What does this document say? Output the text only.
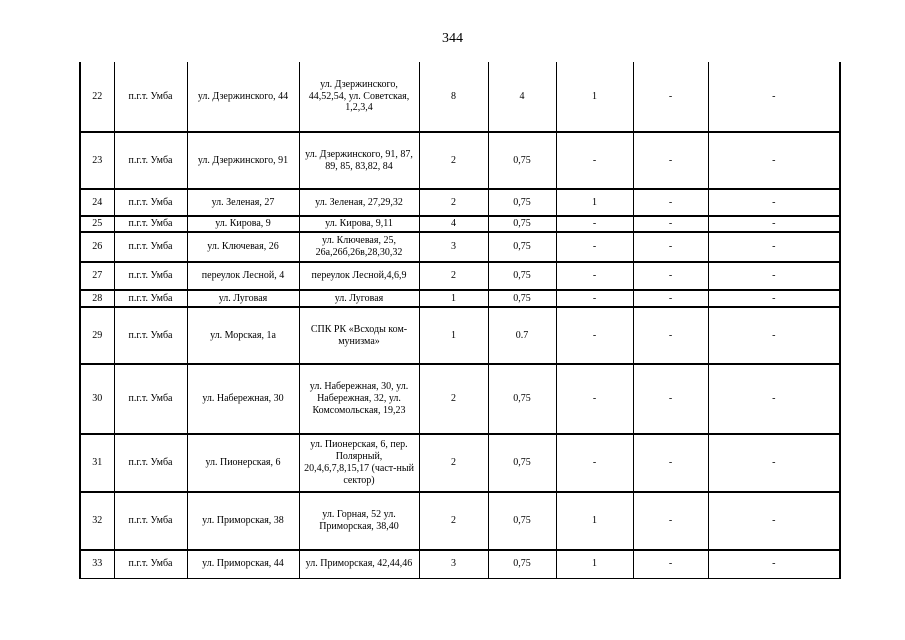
344
22	п.г.т. Умба	ул. Дзержинского, 44	ул. Дзержинского, 44,52,54, ул. Советская, 1,2,3,4	8	4	1	-	-
23	п.г.т. Умба	ул. Дзержинского, 91	ул. Дзержинского, 91, 87, 89, 85, 83,82, 84	2	0,75	-	-	-
24	п.г.т. Умба	ул. Зеленая, 27	ул. Зеленая, 27,29,32	2	0,75	1	-	-
25	п.г.т. Умба	ул. Кирова, 9	ул. Кирова, 9,11	4	0,75	-	-	-
26	п.г.т. Умба	ул. Ключевая, 26	ул. Ключевая, 25, 26а,26б,26в,28,30,32	3	0,75	-	-	-
27	п.г.т. Умба	переулок Лесной, 4	переулок Лесной,4,6,9	2	0,75	-	-	-
28	п.г.т. Умба	ул. Луговая	ул. Луговая	1	0,75	-	-	-
29	п.г.т. Умба	ул. Морская, 1а	СПК РК «Всходы ком-мунизма»	1	0.7	-	-	-
30	п.г.т. Умба	ул. Набережная, 30	ул. Набережная, 30, ул. Набережная, 32, ул. Комсомольская, 19,23	2	0,75	-	-	-
31	п.г.т. Умба	ул. Пионерская, 6	ул. Пионерская, 6, пер. Полярный, 20,4,6,7,8,15,17 (част-ный сектор)	2	0,75	-	-	-
32	п.г.т. Умба	ул. Приморская, 38	ул. Горная, 52 ул. Приморская, 38,40	2	0,75	1	-	-
33	п.г.т. Умба	ул. Приморская, 44	ул. Приморская, 42,44,46	3	0,75	1	-	-
